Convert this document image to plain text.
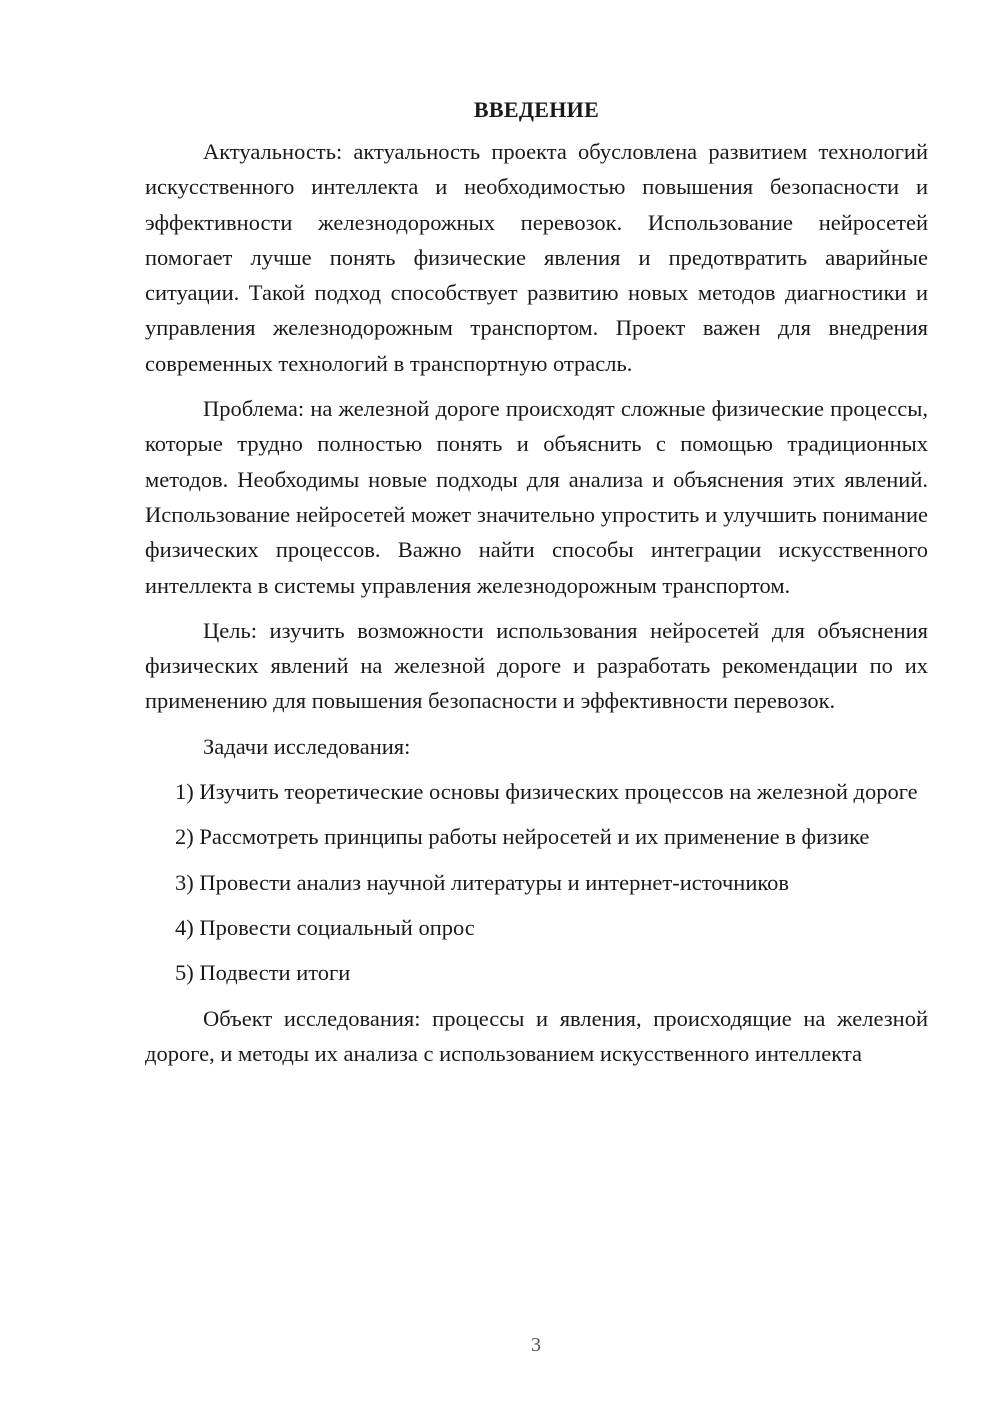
ВВЕДЕНИЕ

Актуальность: актуальность проекта обусловлена развитием технологий искусственного интеллекта и необходимостью повышения безопасности и эффективности железнодорожных перевозок. Использование нейросетей помогает лучше понять физические явления и предотвратить аварийные ситуации. Такой подход способствует развитию новых методов диагностики и управления железнодорожным транспортом. Проект важен для внедрения современных технологий в транспортную отрасль.

Проблема: на железной дороге происходят сложные физические процессы, которые трудно полностью понять и объяснить с помощью традиционных методов. Необходимы новые подходы для анализа и объяснения этих явлений. Использование нейросетей может значительно упростить и улучшить понимание физических процессов. Важно найти способы интеграции искусственного интеллекта в системы управления железнодорожным транспортом.

Цель: изучить возможности использования нейросетей для объяснения физических явлений на железной дороге и разработать рекомендации по их применению для повышения безопасности и эффективности перевозок.

Задачи исследования:

1) Изучить теоретические основы физических процессов на железной дороге

2) Рассмотреть принципы работы нейросетей и их применение в физике

3) Провести анализ научной литературы и интернет-источников

4) Провести социальный опрос

5) Подвести итоги

Объект исследования: процессы и явления, происходящие на железной дороге, и методы их анализа с использованием искусственного интеллекта

3
